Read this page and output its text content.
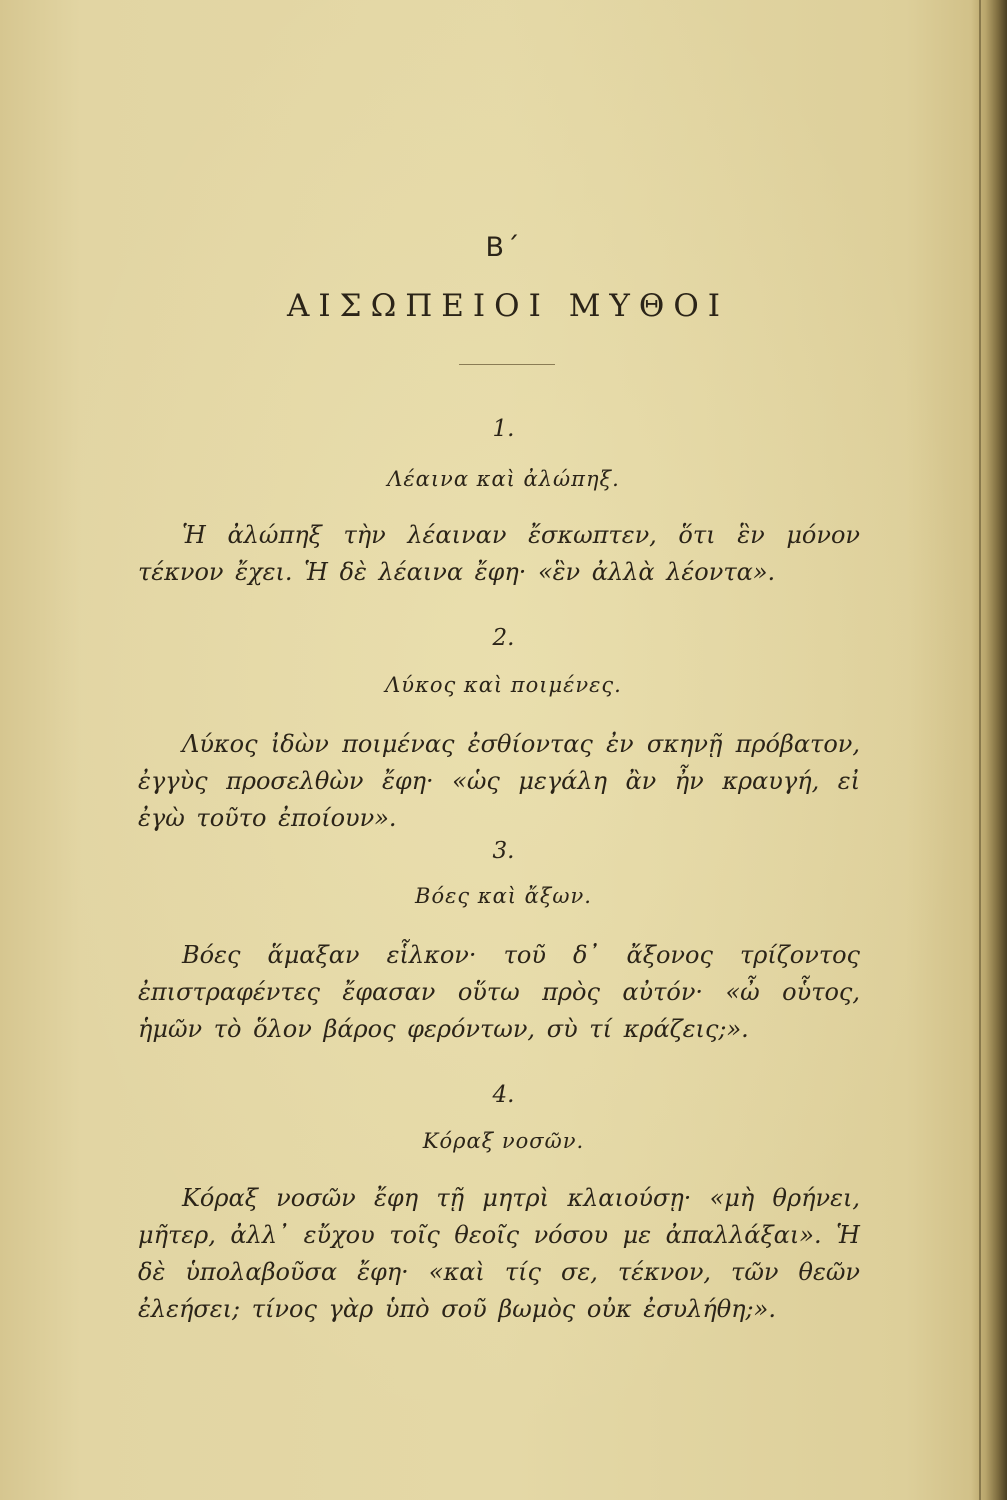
Β΄
ΑΙΣΩΠΕΙΟΙ ΜΥΘΟΙ
1.
Λέαινα καὶ ἀλώπηξ.
Ἡ ἀλώπηξ τὴν λέαιναν ἔσκωπτεν, ὅτι ἓν μόνον τέκνον ἔχει. Ἡ δὲ λέαινα ἔφη· «ἓν ἀλλὰ λέοντα».
2.
Λύκος καὶ ποιμένες.
Λύκος ἰδὼν ποιμένας ἐσθίοντας ἐν σκηνῇ πρόβατον, ἐγγὺς προσελθὼν ἔφη· «ὡς μεγάλη ἂν ἦν κραυγή, εἰ ἐγὼ τοῦτο ἐποίουν».
3.
Βόες καὶ ἄξων.
Βόες ἅμαξαν εἷλκον· τοῦ δ᾽ ἄξονος τρίζοντος ἐπιστραφέντες ἔφασαν οὕτω πρὸς αὐτόν· «ὦ οὗτος, ἡμῶν τὸ ὅλον βάρος φερόντων, σὺ τί κράζεις;».
4.
Κόραξ νοσῶν.
Κόραξ νοσῶν ἔφη τῇ μητρὶ κλαιούσῃ· «μὴ θρήνει, μῆτερ, ἀλλ᾽ εὔχου τοῖς θεοῖς νόσου με ἀπαλλάξαι». Ἡ δὲ ὑπολαβοῦσα ἔφη· «καὶ τίς σε, τέκνον, τῶν θεῶν ἐλεήσει; τίνος γὰρ ὑπὸ σοῦ βωμὸς οὐκ ἐσυλήθη;».
